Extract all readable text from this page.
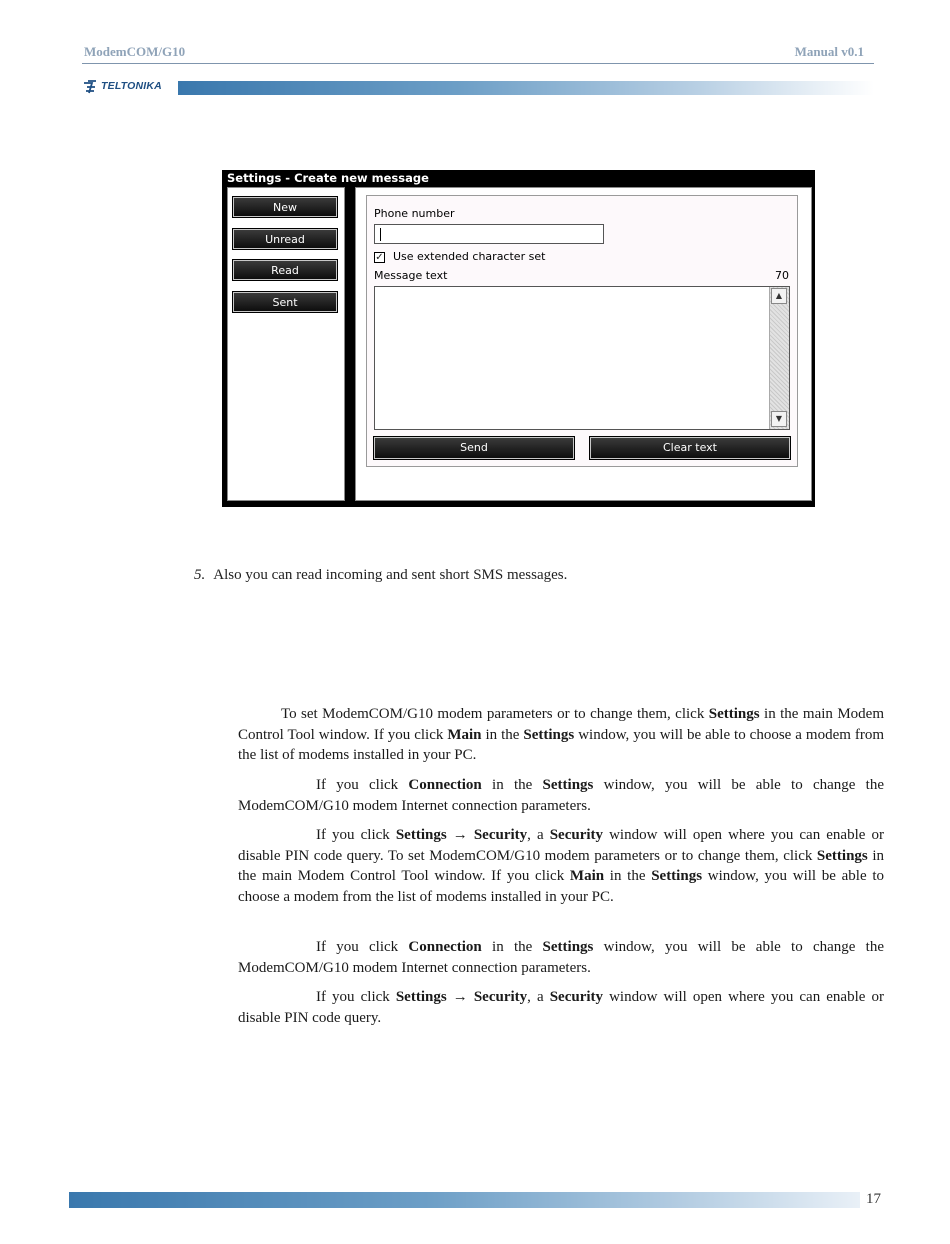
ModemCOM/G10	Manual v0.1
TELTONIKA
Settings - Create new message
New
Unread
Read
Sent
Phone number
✓ Use extended character set
Message text	70
▲
▼
Send	Clear text
5. Also you can read incoming and sent short SMS messages.

To set ModemCOM/G10 modem parameters or to change them, click Settings in the main Modem Control Tool window. If you click Main in the Settings window, you will be able to choose a modem from the list of modems installed in your PC.

If you click Connection in the Settings window, you will be able to change the ModemCOM/G10 modem Internet connection parameters.

If you click Settings → Security, a Security window will open where you can enable or disable PIN code query. To set ModemCOM/G10 modem parameters or to change them, click Settings in the main Modem Control Tool window. If you click Main in the Settings window, you will be able to choose a modem from the list of modems installed in your PC.

If you click Connection in the Settings window, you will be able to change the ModemCOM/G10 modem Internet connection parameters.

If you click Settings → Security, a Security window will open where you can enable or disable PIN code query.

17
